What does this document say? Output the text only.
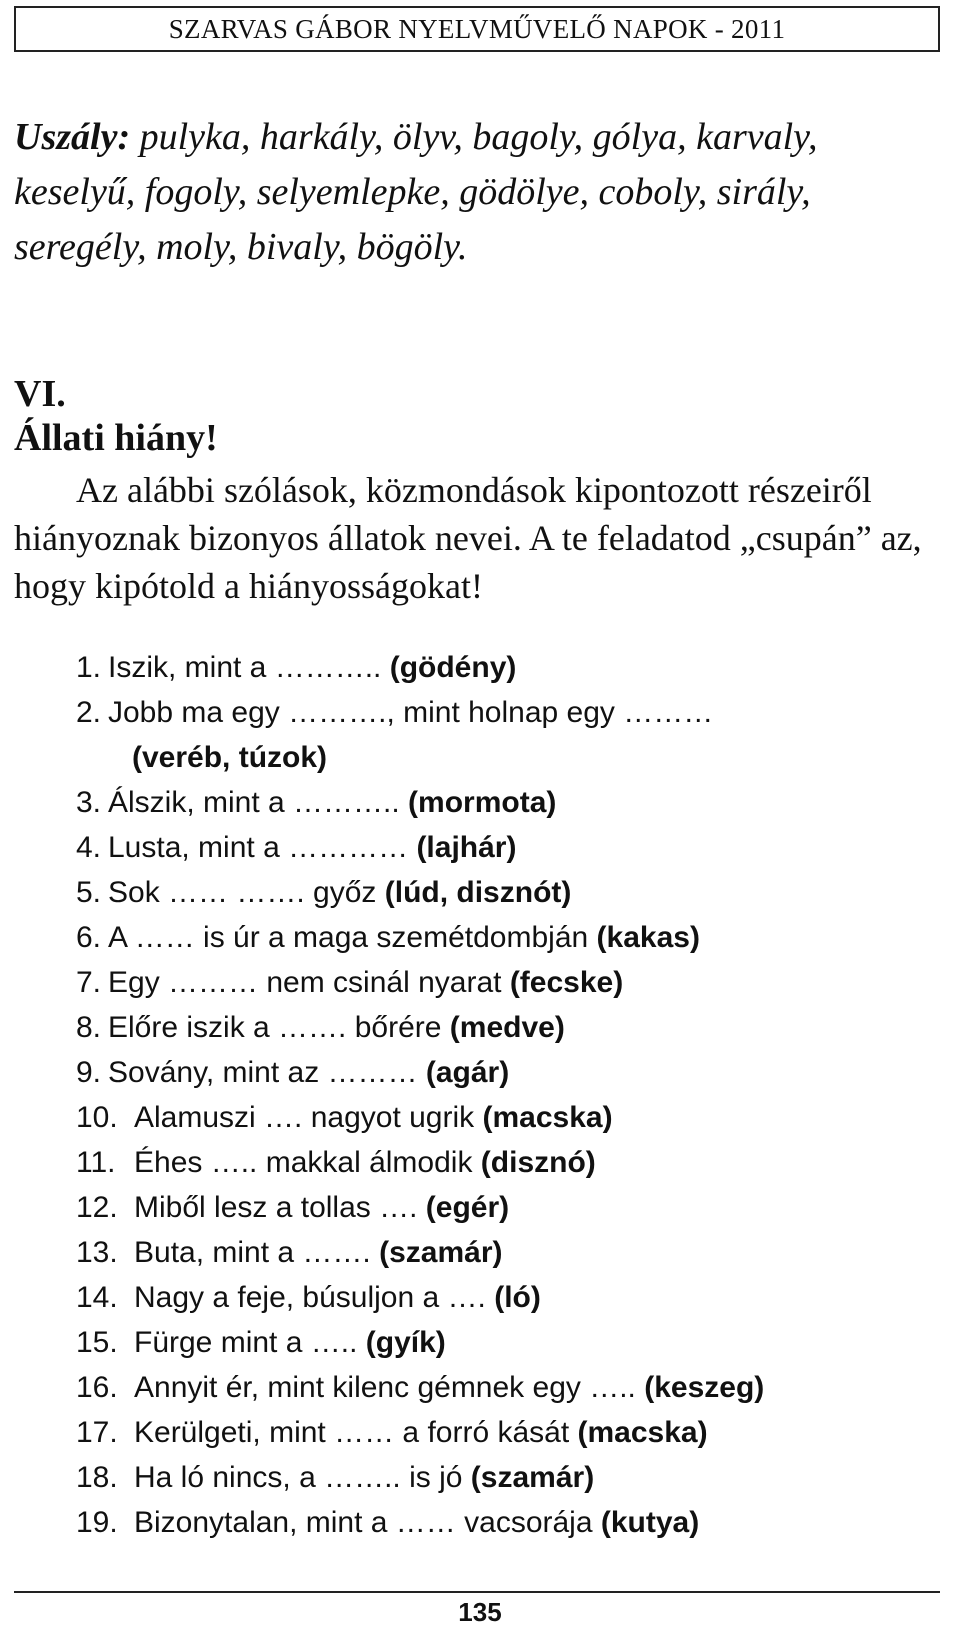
SZARVAS GÁBOR NYELVMŰVELŐ NAPOK - 2011
Uszály: pulyka, harkály, ölyv, bagoly, gólya, karvaly, keselyű, fogoly, selyemlepke, gödölye, coboly, sirály, seregély, moly, bivaly, bögöly.
VI.
Állati hiány!
Az alábbi szólások, közmondások kipontozott részeiről hiányoznak bizonyos állatok nevei. A te feladatod „csupán” az, hogy kipótold a hiányosságokat!
1. Iszik, mint a ……….. (gödény)
2. Jobb ma egy ………., mint holnap egy ………
(veréb, túzok)
3. Álszik, mint a ……….. (mormota)
4. Lusta, mint a ………… (lajhár)
5. Sok …… ……. győz (lúd, disznót)
6. A …… is úr a maga szemétdombján (kakas)
7. Egy ……… nem csinál nyarat (fecske)
8. Előre iszik a ……. bőrére (medve)
9. Sovány, mint az ……… (agár)
10. Alamuszi …. nagyot ugrik (macska)
11. Éhes ….. makkal álmodik (disznó)
12. Miből lesz a tollas …. (egér)
13. Buta, mint a ……. (szamár)
14. Nagy a feje, búsuljon a …. (ló)
15. Fürge mint a ….. (gyík)
16. Annyit ér, mint kilenc gémnek egy ….. (keszeg)
17. Kerülgeti, mint …… a forró kását (macska)
18. Ha ló nincs, a …….. is jó (szamár)
19. Bizonytalan, mint a …… vacsorája (kutya)
135
